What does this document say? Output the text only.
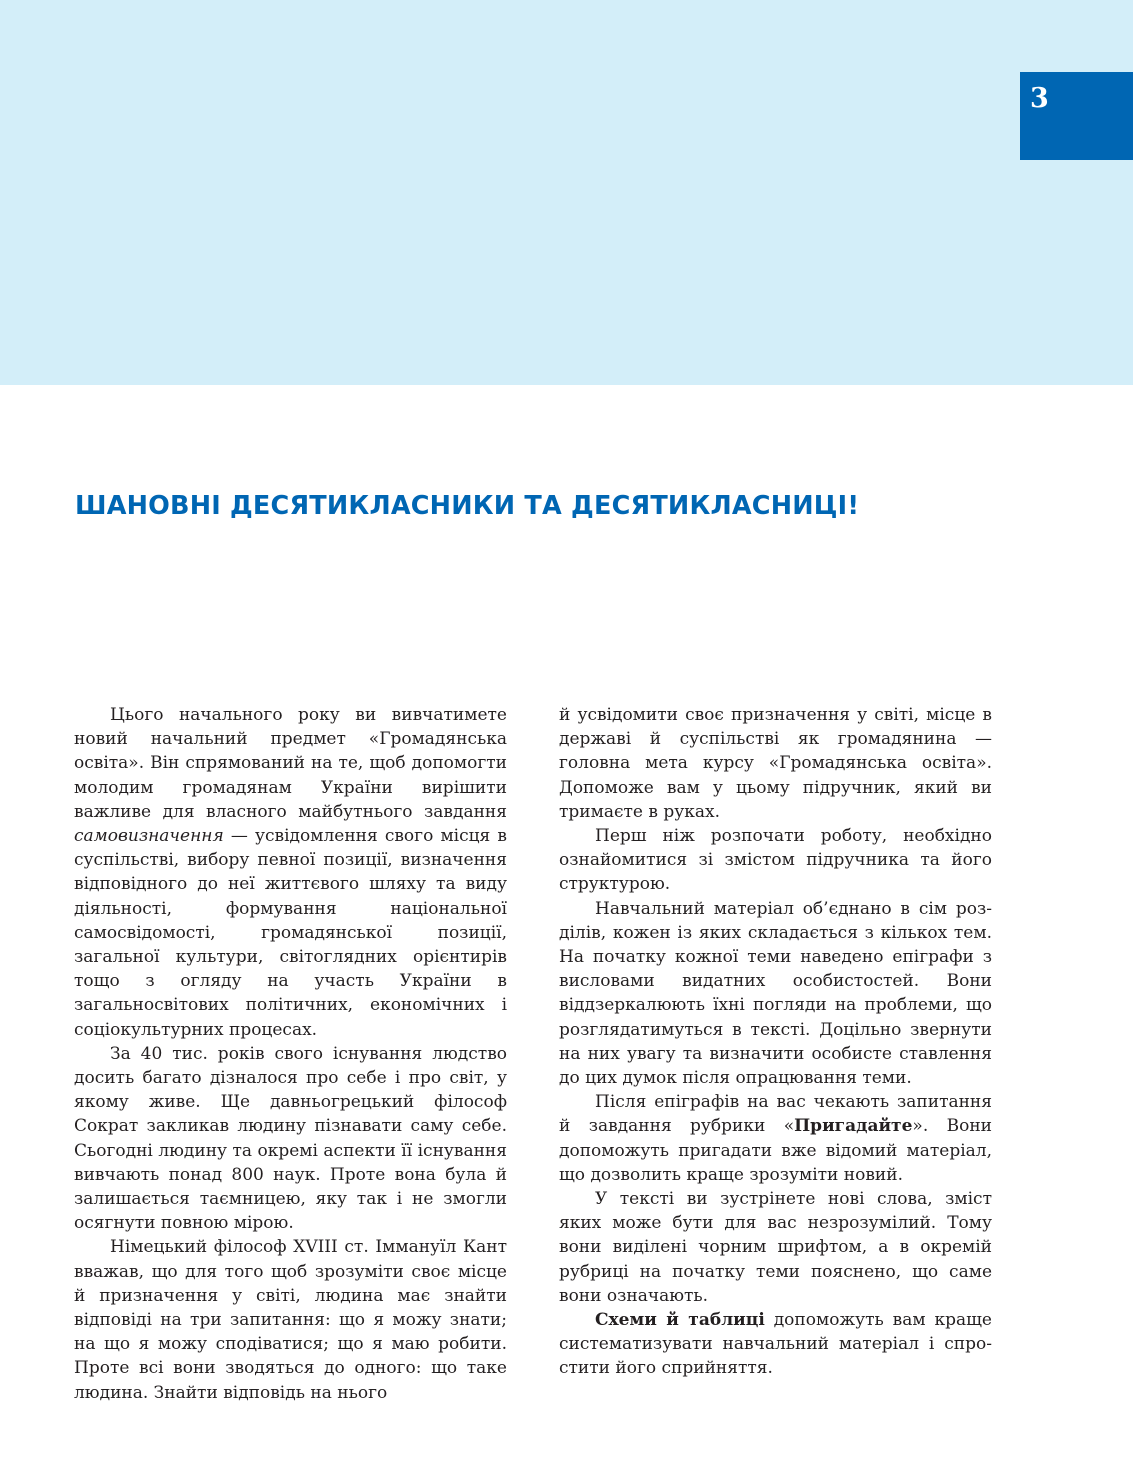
3
ШАНОВНІ ДЕСЯТИКЛАСНИКИ ТА ДЕСЯТИКЛАСНИЦІ!

Цього начального року ви вивчатимете новий начальний предмет «Громадянська освіта». Він спрямований на те, щоб допомогти молодим громадянам України вирішити важливе для власного майбутнього завдання самовизначення — усвідомлення свого місця в суспільстві, вибору певної позиції, визначення відповідного до неї життєвого шляху та виду діяльності, формування національної самосвідомості, громадянської позиції, загальної культури, світоглядних орієнтирів тощо з огляду на участь України в загальносвітових політичних, економічних і соціокультурних процесах.

За 40 тис. років свого існування людство досить багато дізналося про себе і про світ, у якому живе. Ще давньогрецький філософ Сократ закликав людину пізнавати саму себе. Сьогодні людину та окремі аспекти її існування вивчають понад 800 наук. Проте вона була й залишається таємницею, яку так і не змогли осягнути повною мірою.

Німецький філософ XVIII ст. Іммануїл Кант вважав, що для того щоб зрозуміти своє місце й призначення у світі, людина має знайти відповіді на три запитання: що я можу знати; на що я можу сподіватися; що я маю робити. Проте всі вони зводяться до одного: що таке людина. Знайти відповідь на нього

й усвідомити своє призначення у світі, місце в державі й суспільстві як громадянина — головна мета курсу «Громадянська освіта». Допоможе вам у цьому підручник, який ви тримаєте в руках.

Перш ніж розпочати роботу, необхідно ознайомитися зі змістом підручника та його структурою.

Навчальний матеріал об’єднано в сім розділів, кожен із яких складається з кількох тем. На початку кожної теми наведено епіграфи з висловами видатних особистостей. Вони віддзеркалюють їхні погляди на проблеми, що розглядатимуться в тексті. Доцільно звернути на них увагу та визначити особисте ставлення до цих думок після опрацювання теми.

Після епіграфів на вас чекають запитання й завдання рубрики «Пригадайте». Вони допоможуть пригадати вже відомий матеріал, що дозволить краще зрозуміти новий.

У тексті ви зустрінете нові слова, зміст яких може бути для вас незрозумілий. Тому вони виділені чорним шрифтом, а в окремій рубриці на початку теми пояснено, що саме вони означають.

Схеми й таблиці допоможуть вам краще систематизувати навчальний матеріал і спростити його сприйняття.
